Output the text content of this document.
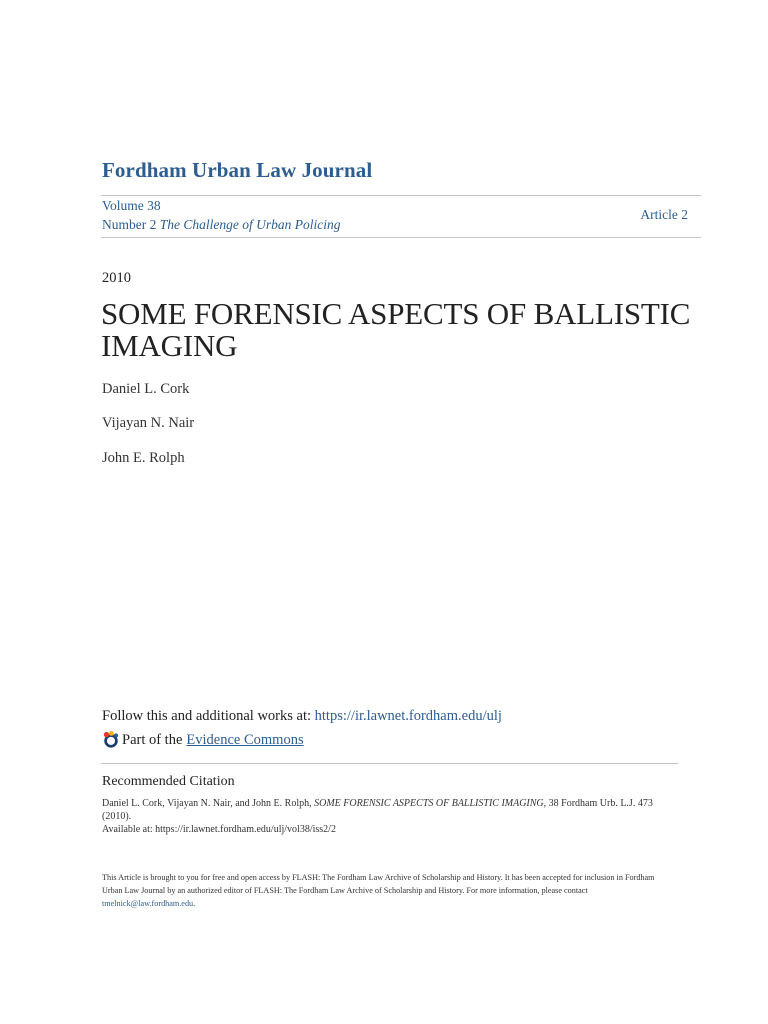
Fordham Urban Law Journal
Volume 38
Number 2 The Challenge of Urban Policing
Article 2
2010
SOME FORENSIC ASPECTS OF BALLISTIC IMAGING
Daniel L. Cork
Vijayan N. Nair
John E. Rolph
Follow this and additional works at: https://ir.lawnet.fordham.edu/ulj
Part of the Evidence Commons
Recommended Citation
Daniel L. Cork, Vijayan N. Nair, and John E. Rolph, SOME FORENSIC ASPECTS OF BALLISTIC IMAGING, 38 Fordham Urb. L.J. 473 (2010).
Available at: https://ir.lawnet.fordham.edu/ulj/vol38/iss2/2
This Article is brought to you for free and open access by FLASH: The Fordham Law Archive of Scholarship and History. It has been accepted for inclusion in Fordham Urban Law Journal by an authorized editor of FLASH: The Fordham Law Archive of Scholarship and History. For more information, please contact tmelnick@law.fordham.edu.
